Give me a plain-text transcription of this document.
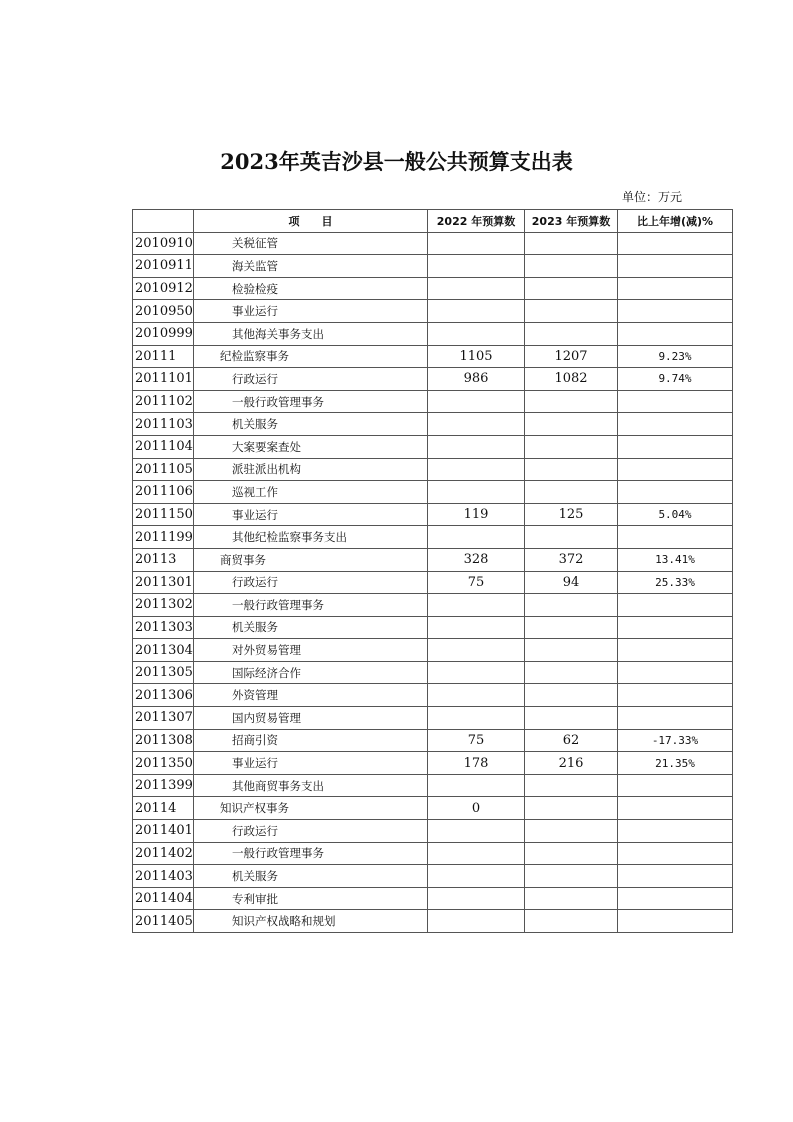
2023年英吉沙县一般公共预算支出表
单位：万元
	项　　目	2022 年预算数	2023 年预算数	比上年增(减)%
2010910	关税征管			
2010911	海关监管			
2010912	检验检疫			
2010950	事业运行			
2010999	其他海关事务支出			
20111	纪检监察事务	1105	1207	9.23%
2011101	行政运行	986	1082	9.74%
2011102	一般行政管理事务			
2011103	机关服务			
2011104	大案要案查处			
2011105	派驻派出机构			
2011106	巡视工作			
2011150	事业运行	119	125	5.04%
2011199	其他纪检监察事务支出			
20113	商贸事务	328	372	13.41%
2011301	行政运行	75	94	25.33%
2011302	一般行政管理事务			
2011303	机关服务			
2011304	对外贸易管理			
2011305	国际经济合作			
2011306	外资管理			
2011307	国内贸易管理			
2011308	招商引资	75	62	-17.33%
2011350	事业运行	178	216	21.35%
2011399	其他商贸事务支出			
20114	知识产权事务	0		
2011401	行政运行			
2011402	一般行政管理事务			
2011403	机关服务			
2011404	专利审批			
2011405	知识产权战略和规划			
